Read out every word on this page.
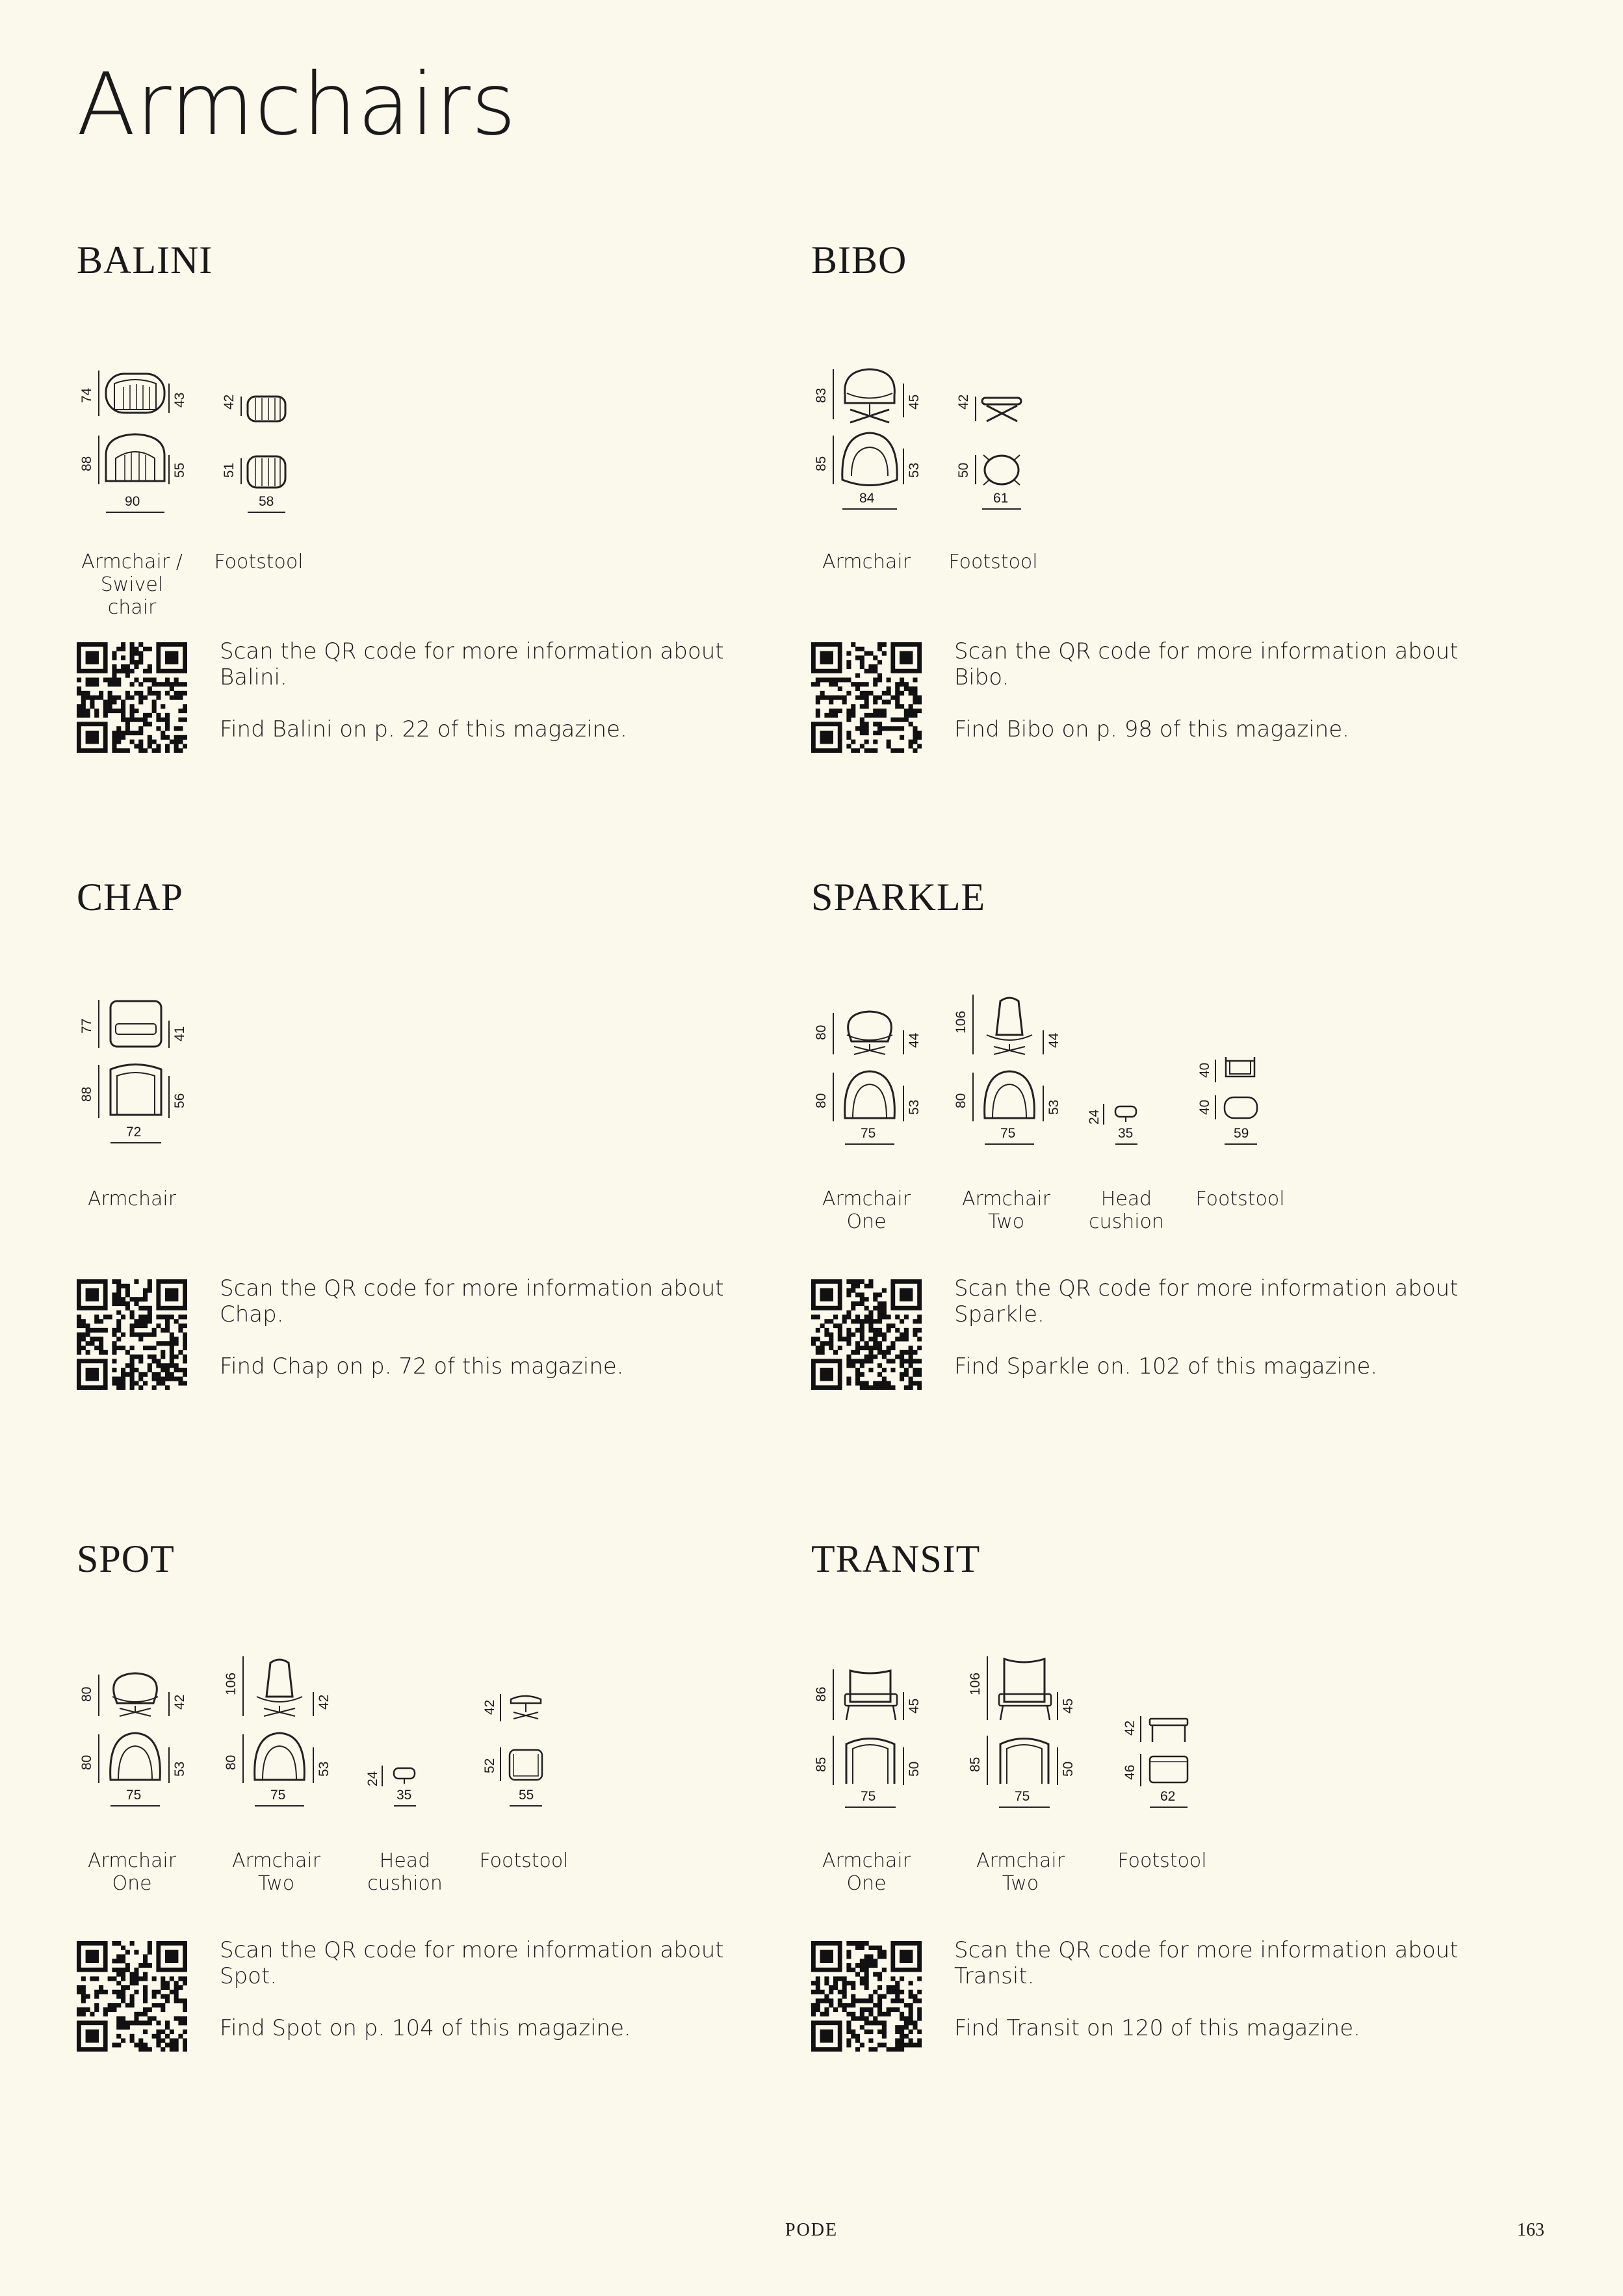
Armchairs
BALINI
74	43
88	55
90
Armchair /
Swivel
chair
42
51
58
Footstool

Scan the QR code for more information about Balini.

Find Balini on p. 22 of this magazine.

BIBO
83	45
85	53
84
Armchair
42
50
61
Footstool

Scan the QR code for more information about Bibo.

Find Bibo on p. 98 of this magazine.

CHAP
77
41
88	56
72
Armchair

Scan the QR code for more information about Chap.

Find Chap on p. 72 of this magazine.

SPARKLE
80
44
80	53
75
Armchair
One
106
44
80	53
75
Armchair
Two
24
35
Head
cushion
40
40
59
Footstool

Scan the QR code for more information about Sparkle.

Find Sparkle on. 102 of this magazine.

SPOT
80
42
80	53
75
Armchair
One
106
42
80	53
75
Armchair
Two
24
35
Head
cushion
42
52
55
Footstool

Scan the QR code for more information about Spot.

Find Spot on p. 104 of this magazine.

TRANSIT
86
45
85	50
75
Armchair
One
106
45
85	50
75
Armchair
Two
42
46
62
Footstool

Scan the QR code for more information about Transit.

Find Transit on 120 of this magazine.

PODE	163
